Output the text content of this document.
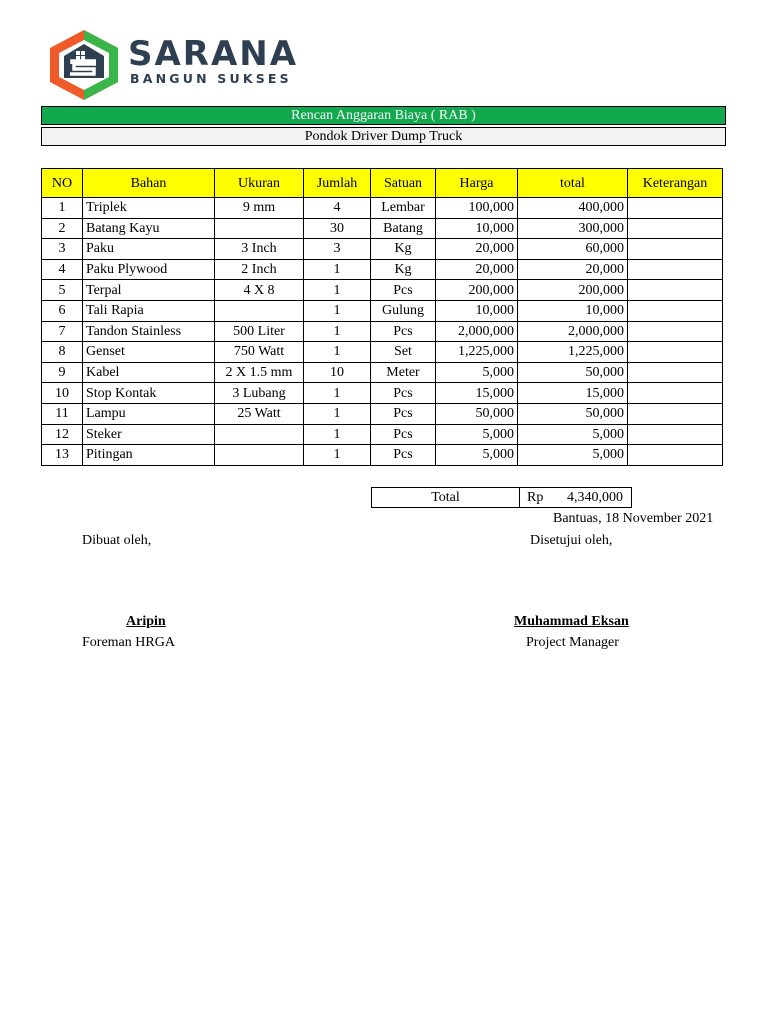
SARANA
BANGUN SUKSES
Rencan Anggaran Biaya ( RAB )
Pondok Driver Dump Truck
NO	Bahan	Ukuran	Jumlah	Satuan	Harga	total	Keterangan
1	Triplek	9 mm	4	Lembar	100,000	400,000	
2	Batang Kayu		30	Batang	10,000	300,000	
3	Paku	3 Inch	3	Kg	20,000	60,000	
4	Paku Plywood	2 Inch	1	Kg	20,000	20,000	
5	Terpal	4 X 8	1	Pcs	200,000	200,000	
6	Tali Rapia		1	Gulung	10,000	10,000	
7	Tandon Stainless	500 Liter	1	Pcs	2,000,000	2,000,000	
8	Genset	750 Watt	1	Set	1,225,000	1,225,000	
9	Kabel	2 X 1.5 mm	10	Meter	5,000	50,000	
10	Stop Kontak	3 Lubang	1	Pcs	15,000	15,000	
11	Lampu	25 Watt	1	Pcs	50,000	50,000	
12	Steker		1	Pcs	5,000	5,000	
13	Pitingan		1	Pcs	5,000	5,000	
Total	Rp 4,340,000
Bantuas, 18 November 2021
Dibuat oleh,	Disetujui oleh,
Aripin
Foreman HRGA
Muhammad Eksan
Project Manager
